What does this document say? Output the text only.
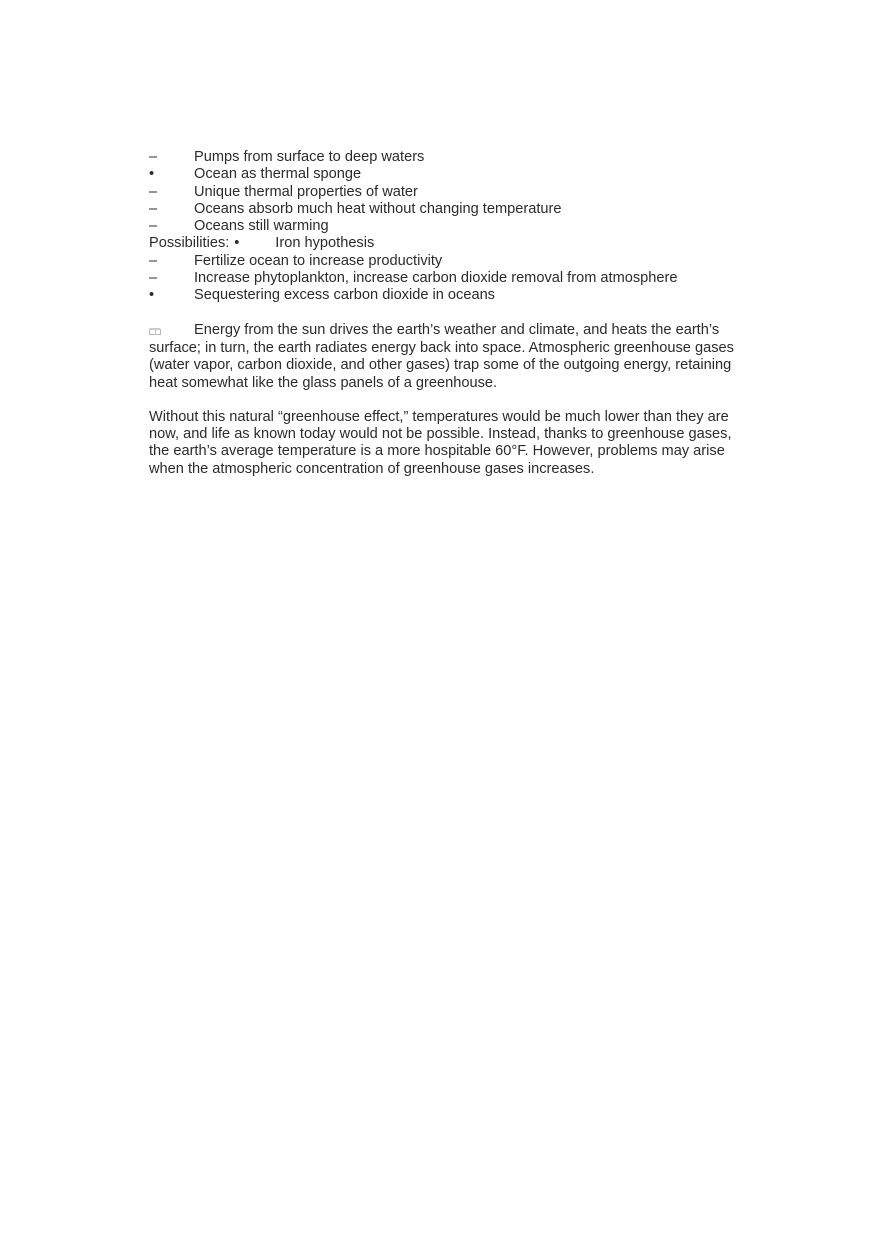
–	Pumps from surface to deep waters
•	Ocean as thermal sponge
–	Unique thermal properties of water
–	Oceans absorb much heat without changing temperature
–	Oceans still warming
Possibilities: •	Iron hypothesis
–	Fertilize ocean to increase productivity
–	Increase phytoplankton, increase carbon dioxide removal from atmosphere
•	Sequestering excess carbon dioxide in oceans

Energy from the sun drives the earth’s weather and climate, and heats the earth’s surface; in turn, the earth radiates energy back into space. Atmospheric greenhouse gases (water vapor, carbon dioxide, and other gases) trap some of the outgoing energy, retaining heat somewhat like the glass panels of a greenhouse.

Without this natural “greenhouse effect,” temperatures would be much lower than they are now, and life as known today would not be possible. Instead, thanks to greenhouse gases, the earth’s average temperature is a more hospitable 60°F. However, problems may arise when the atmospheric concentration of greenhouse gases increases.
